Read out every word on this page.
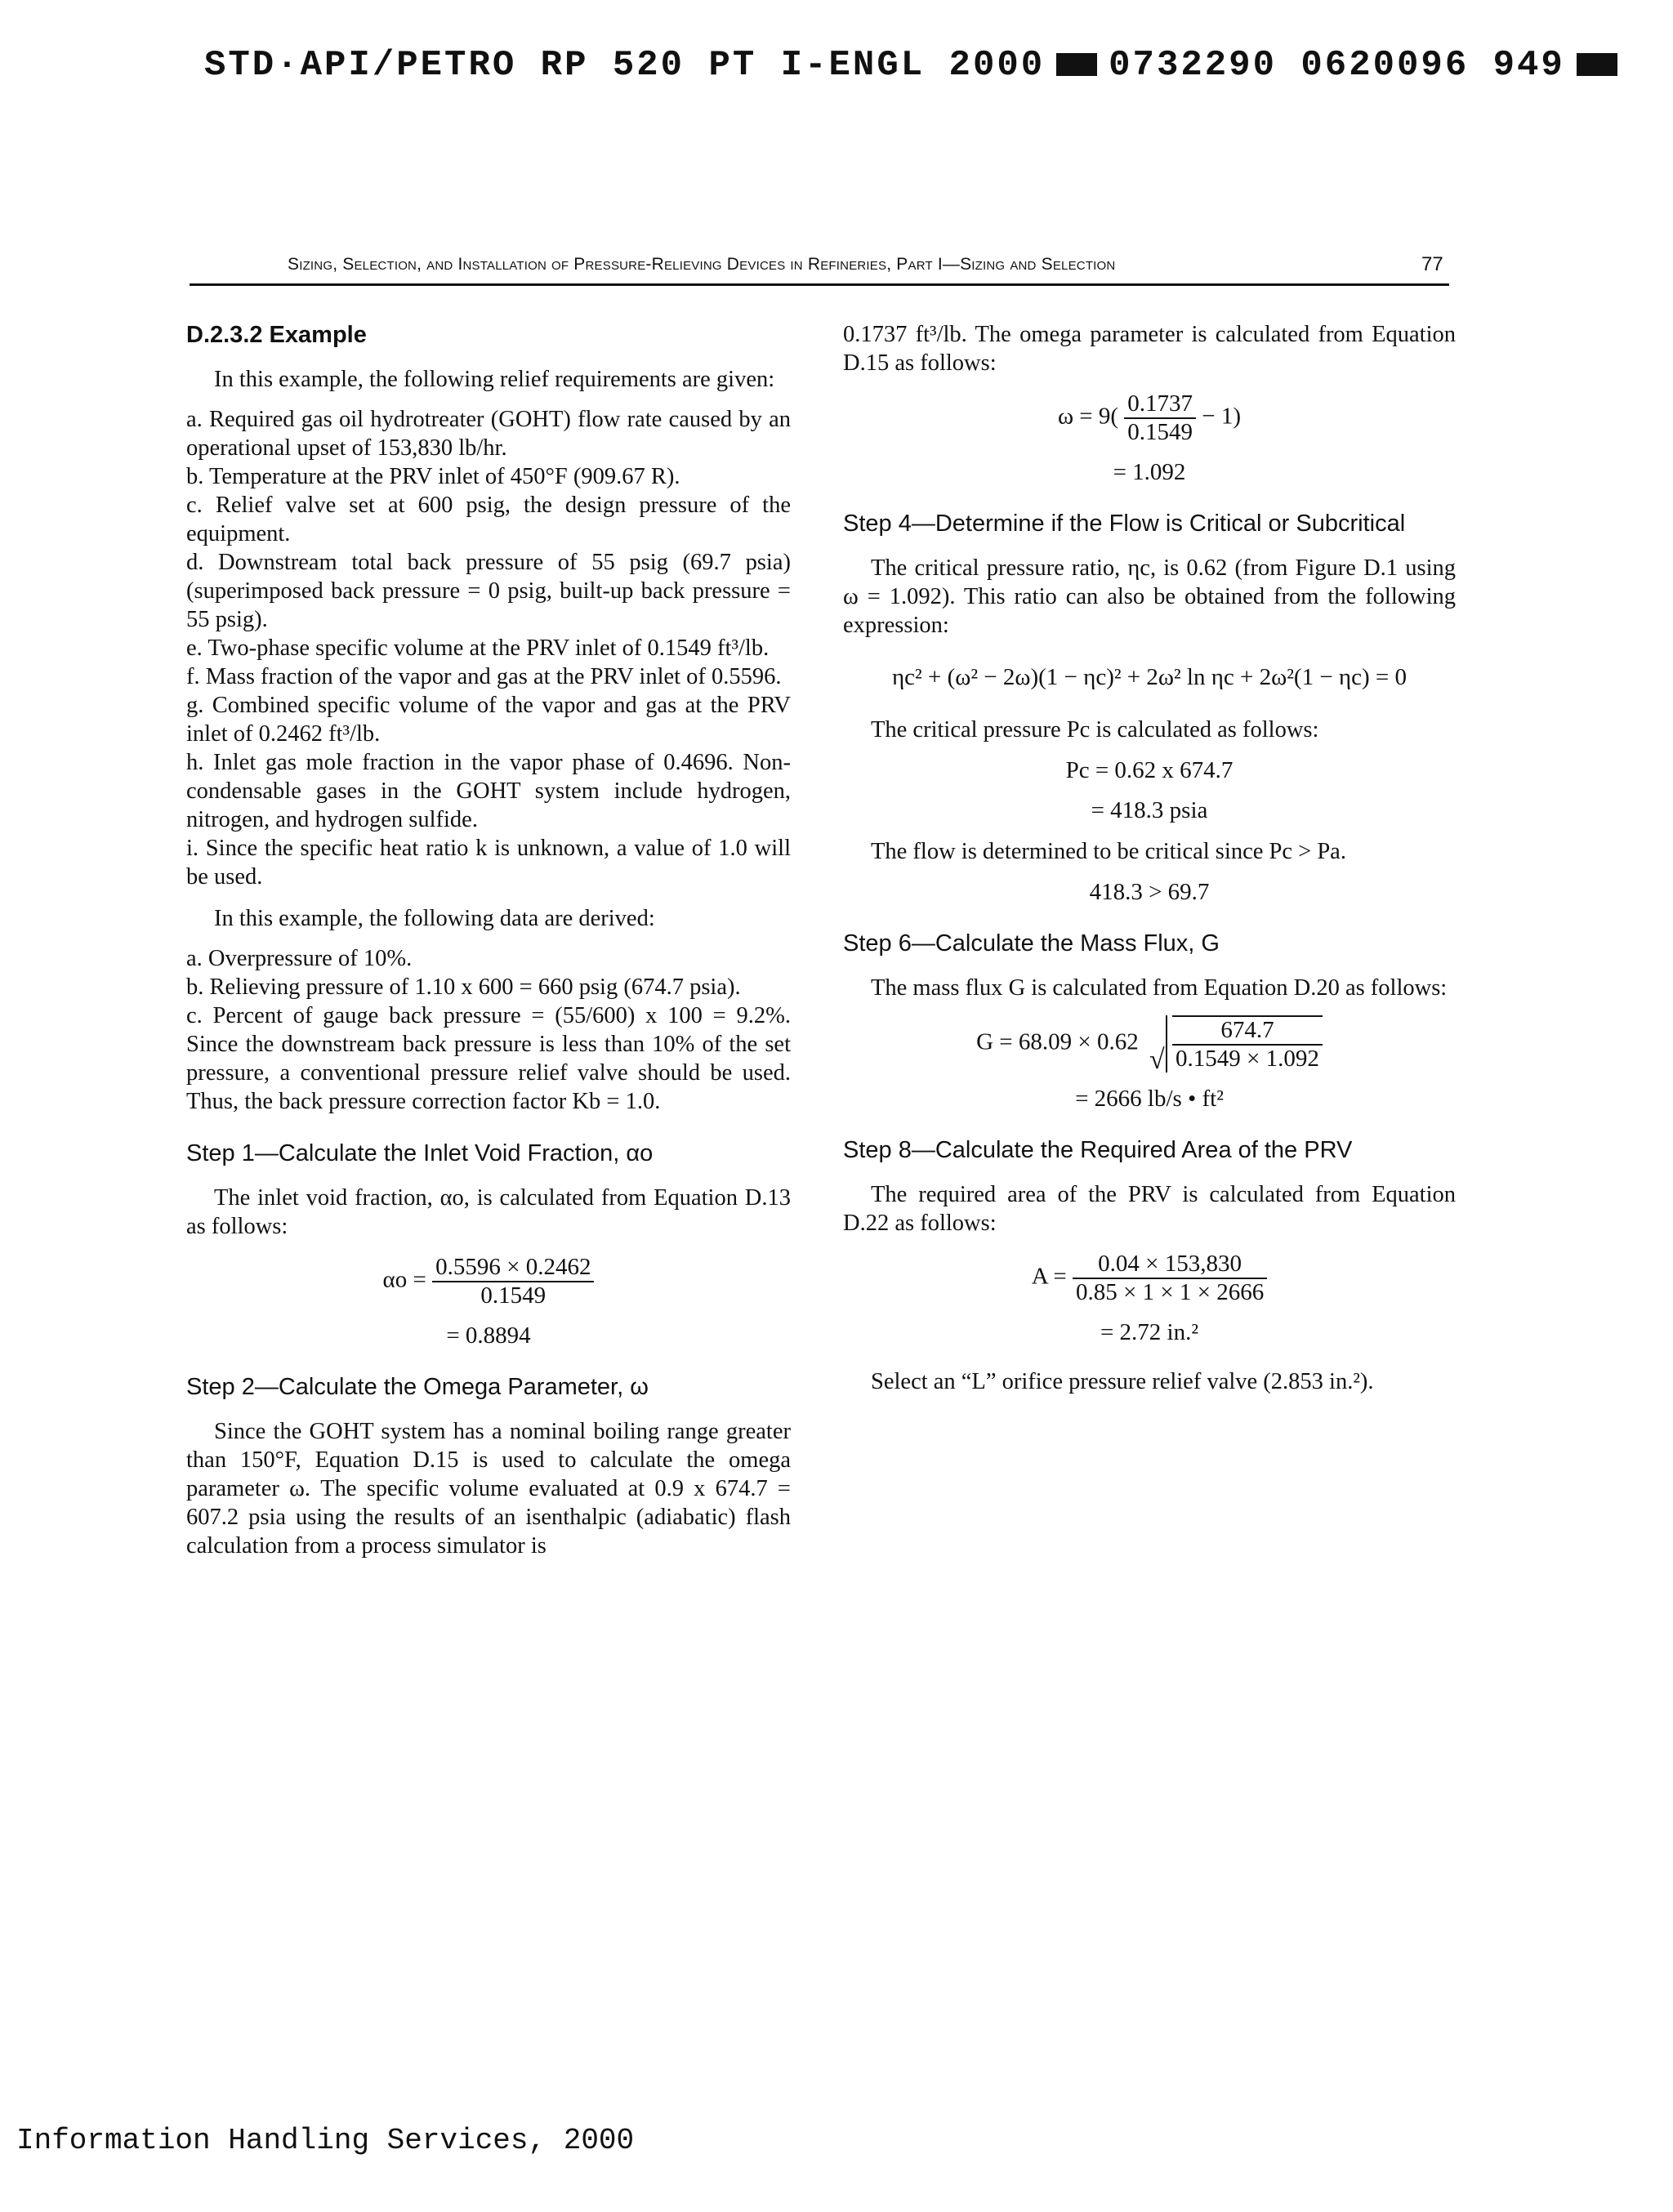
STD·API/PETRO RP 520 PT I-ENGL 2000 0732290 0620096 949
Sizing, Selection, and Installation of Pressure-Relieving Devices in Refineries, Part I—Sizing and Selection	77
D.2.3.2 Example

In this example, the following relief requirements are given:

a. Required gas oil hydrotreater (GOHT) flow rate caused by an operational upset of 153,830 lb/hr.

b. Temperature at the PRV inlet of 450°F (909.67 R).

c. Relief valve set at 600 psig, the design pressure of the equipment.

d. Downstream total back pressure of 55 psig (69.7 psia) (superimposed back pressure = 0 psig, built-up back pressure = 55 psig).

e. Two-phase specific volume at the PRV inlet of 0.1549 ft³/lb.

f. Mass fraction of the vapor and gas at the PRV inlet of 0.5596.

g. Combined specific volume of the vapor and gas at the PRV inlet of 0.2462 ft³/lb.

h. Inlet gas mole fraction in the vapor phase of 0.4696. Non-condensable gases in the GOHT system include hydrogen, nitrogen, and hydrogen sulfide.

i. Since the specific heat ratio k is unknown, a value of 1.0 will be used.

In this example, the following data are derived:

a. Overpressure of 10%.

b. Relieving pressure of 1.10 x 600 = 660 psig (674.7 psia).

c. Percent of gauge back pressure = (55/600) x 100 = 9.2%. Since the downstream back pressure is less than 10% of the set pressure, a conventional pressure relief valve should be used. Thus, the back pressure correction factor Kb = 1.0.

Step 1—Calculate the Inlet Void Fraction, αo

The inlet void fraction, αo, is calculated from Equation D.13 as follows:

$\alpha o = \frac{0.5596 \times 0.2462}{0.1549}$
= 0.8894
Step 2—Calculate the Omega Parameter, ω

Since the GOHT system has a nominal boiling range greater than 150°F, Equation D.15 is used to calculate the omega parameter ω. The specific volume evaluated at 0.9 x 674.7 = 607.2 psia using the results of an isenthalpic (adiabatic) flash calculation from a process simulator is

0.1737 ft³/lb. The omega parameter is calculated from Equation D.15 as follows:

$\omega = 9( \frac{0.1737}{0.1549} - 1)$
= 1.092
Step 4—Determine if the Flow is Critical or Subcritical

The critical pressure ratio, ηc, is 0.62 (from Figure D.1 using ω = 1.092). This ratio can also be obtained from the following expression:

ηc² + (ω² − 2ω)(1 − ηc)² + 2ω² ln ηc + 2ω²(1 − ηc) = 0

The critical pressure Pc is calculated as follows:

Pc = 0.62 x 674.7
= 418.3 psia

The flow is determined to be critical since Pc > Pa.

418.3 > 69.7
Step 6—Calculate the Mass Flux, G

The mass flux G is calculated from Equation D.20 as follows:

G = 68.09 × 0.62
√ $\frac{674.7}{0.1549 \times 1.092}$
= 2666 lb/s • ft²
Step 8—Calculate the Required Area of the PRV

The required area of the PRV is calculated from Equation D.22 as follows:

$A = \frac{0.04 \times 153,830}{0.85 \times 1 \times 1 \times 2666}$
= 2.72 in.²

Select an “L” orifice pressure relief valve (2.853 in.²).

Information Handling Services, 2000
